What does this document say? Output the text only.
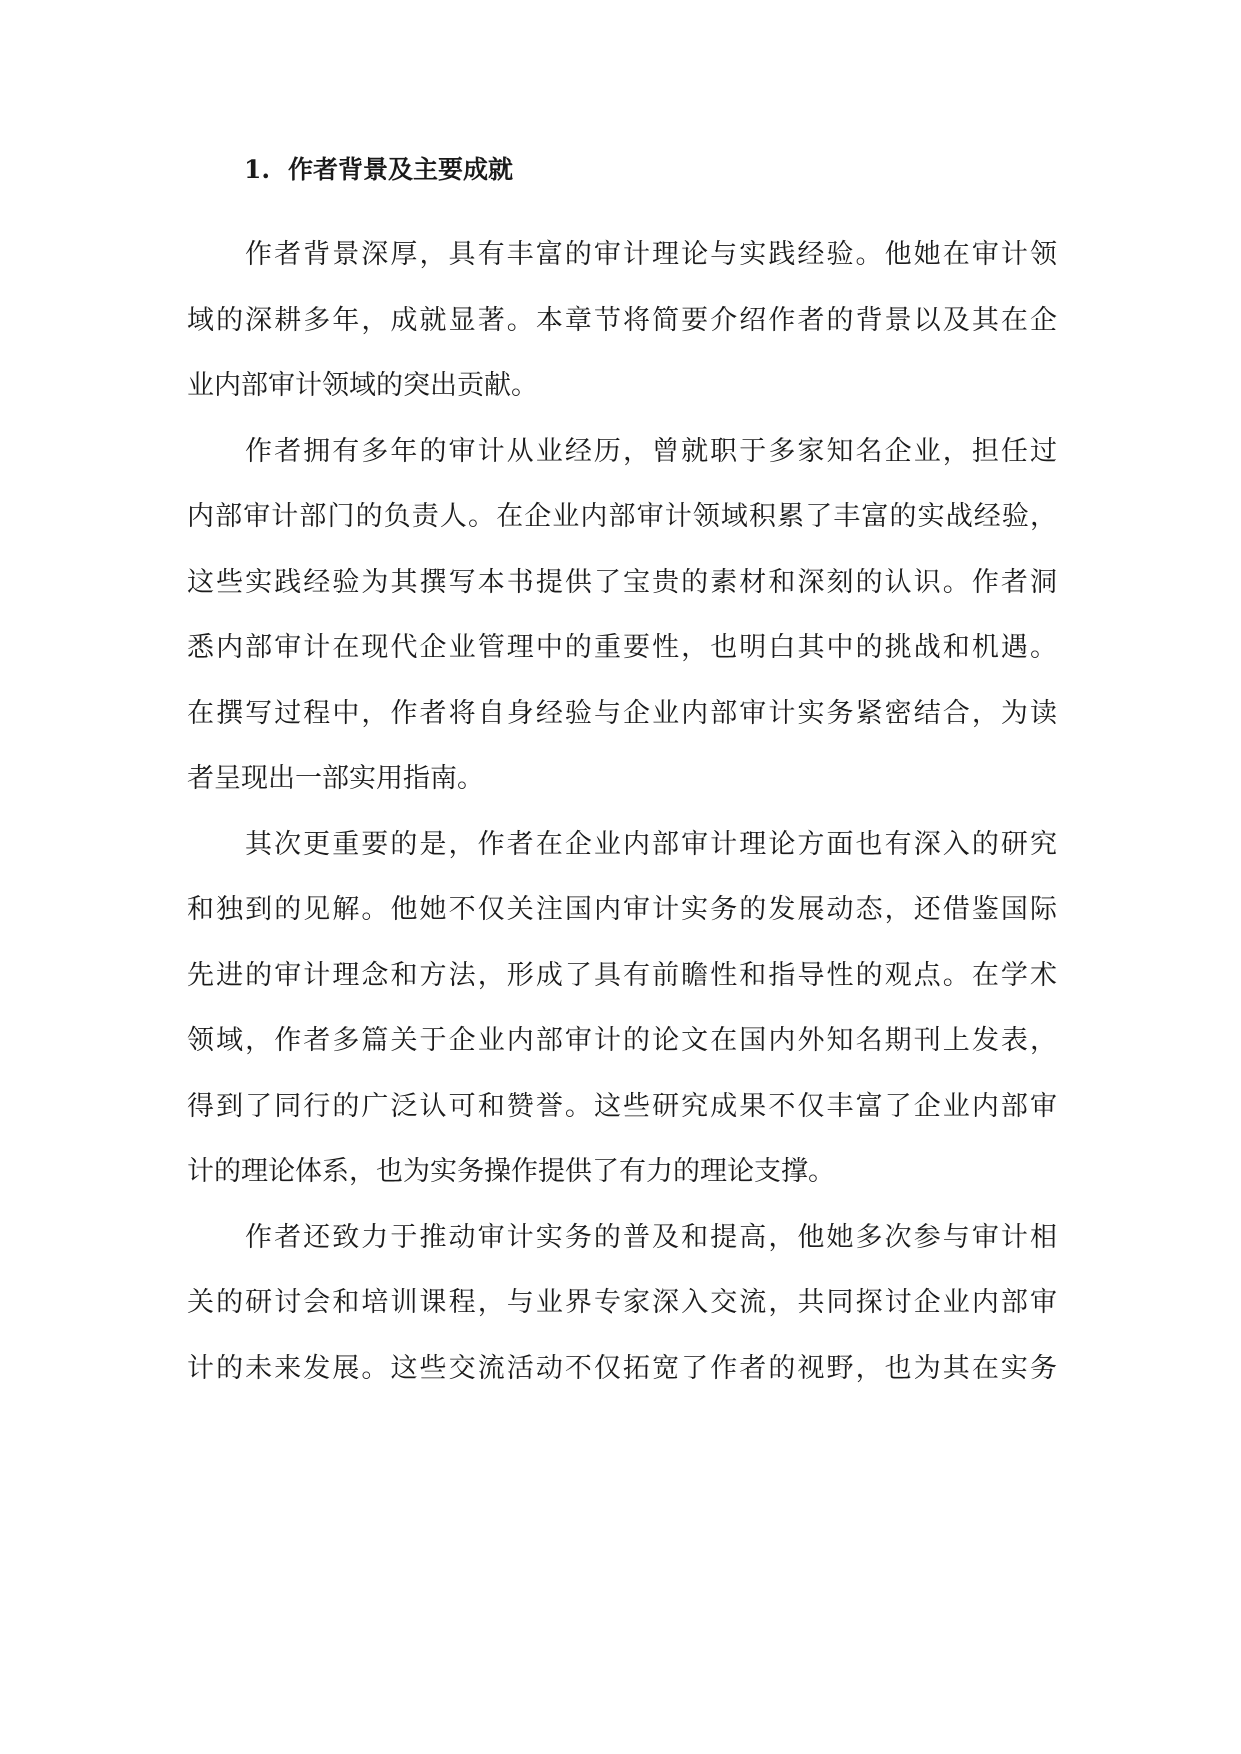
1. 作者背景及主要成就

作者背景深厚，具有丰富的审计理论与实践经验。他她在审计领
域的深耕多年，成就显著。本章节将简要介绍作者的背景以及其在企
业内部审计领域的突出贡献。

作者拥有多年的审计从业经历，曾就职于多家知名企业，担任过
内部审计部门的负责人。在企业内部审计领域积累了丰富的实战经验，
这些实践经验为其撰写本书提供了宝贵的素材和深刻的认识。作者洞
悉内部审计在现代企业管理中的重要性，也明白其中的挑战和机遇。
在撰写过程中，作者将自身经验与企业内部审计实务紧密结合，为读
者呈现出一部实用指南。

其次更重要的是，作者在企业内部审计理论方面也有深入的研究
和独到的见解。他她不仅关注国内审计实务的发展动态，还借鉴国际
先进的审计理念和方法，形成了具有前瞻性和指导性的观点。在学术
领域，作者多篇关于企业内部审计的论文在国内外知名期刊上发表，
得到了同行的广泛认可和赞誉。这些研究成果不仅丰富了企业内部审
计的理论体系，也为实务操作提供了有力的理论支撑。

作者还致力于推动审计实务的普及和提高，他她多次参与审计相
关的研讨会和培训课程，与业界专家深入交流，共同探讨企业内部审
计的未来发展。这些交流活动不仅拓宽了作者的视野，也为其在实务
